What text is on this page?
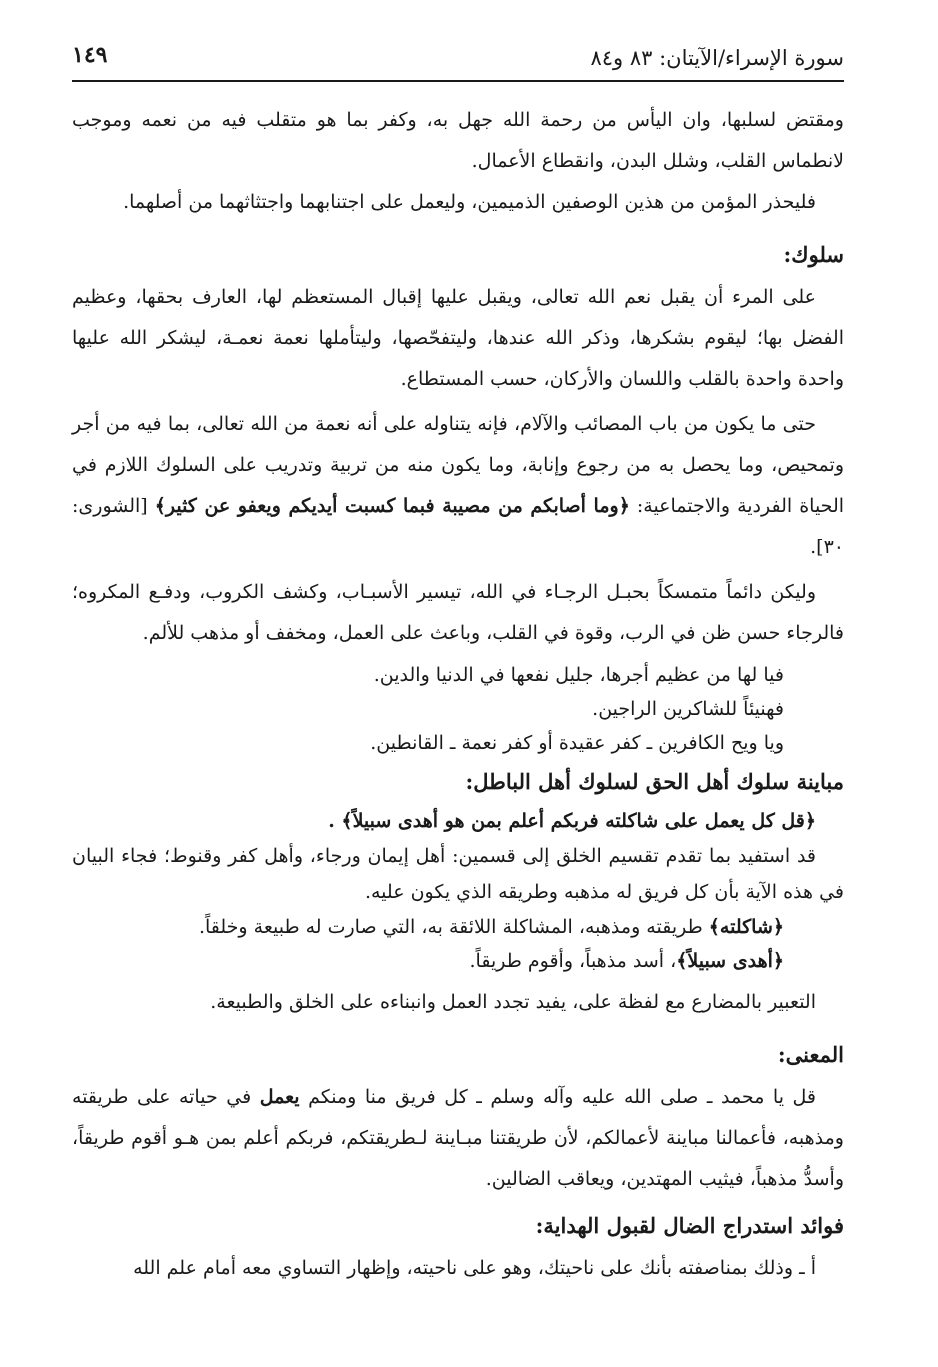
سورة الإسراء/الآيتان: ٨٣ و٨٤
١٤٩

ومقتض لسلبها، وان اليأس من رحمة الله جهل به، وكفر بما هو متقلب فيه من نعمه وموجب لانطماس القلب، وشلل البدن، وانقطاع الأعمال.

فليحذر المؤمن من هذين الوصفين الذميمين، وليعمل على اجتنابهما واجتثاثهما من أصلهما.

سلوك:

على المرء أن يقبل نعم الله تعالى، ويقبل عليها إقبال المستعظم لها، العارف بحقها، وعظيم الفضل بها؛ ليقوم بشكرها، وذكر الله عندها، وليتفحّصها، وليتأملها نعمة نعمـة، ليشكر الله عليها واحدة واحدة بالقلب واللسان والأركان، حسب المستطاع.

حتى ما يكون من باب المصائب والآلام، فإنه يتناوله على أنه نعمة من الله تعالى، بما فيه من أجر وتمحيص، وما يحصل به من رجوع وإنابة، وما يكون منه من تربية وتدريب على السلوك اللازم في الحياة الفردية والاجتماعية: ﴿وما أصابكم من مصيبة فبما كسبت أيديكم ويعفو عن كثير﴾ [الشورى: ٣٠].

وليكن دائماً متمسكاً بحبـل الرجـاء في الله، تيسير الأسبـاب، وكشف الكروب، ودفـع المكروه؛ فالرجاء حسن ظن في الرب، وقوة في القلب، وباعث على العمل، ومخفف أو مذهب للألم.

فيا لها من عظيم أجرها، جليل نفعها في الدنيا والدين.

فهنيئاً للشاكرين الراجين.

ويا ويح الكافرين ـ كفر عقيدة أو كفر نعمة ـ القانطين.

مباينة سلوك أهل الحق لسلوك أهل الباطل:

﴿قل كل يعمل على شاكلته فربكم أعلم بمن هو أهدى سبيلاً﴾ .

قد استفيد بما تقدم تقسيم الخلق إلى قسمين: أهل إيمان ورجاء، وأهل كفر وقنوط؛ فجاء البيان في هذه الآية بأن كل فريق له مذهبه وطريقه الذي يكون عليه.

﴿شاكلته﴾ طريقته ومذهبه، المشاكلة اللائقة به، التي صارت له طبيعة وخلقاً.

﴿أهدى سبيلاً﴾، أسد مذهباً، وأقوم طريقاً.

التعبير بالمضارع مع لفظة على، يفيد تجدد العمل وانبناءه على الخلق والطبيعة.

المعنى:

قل يا محمد ـ صلى الله عليه وآله وسلم ـ كل فريق منا ومنكم يعمل في حياته على طريقته ومذهبه، فأعمالنا مباينة لأعمالكم، لأن طريقتنا مبـاينة لـطريقتكم، فربكم أعلم بمن هـو أقوم طريقاً، وأسدُّ مذهباً، فيثيب المهتدين، ويعاقب الضالين.

فوائد استدراج الضال لقبول الهداية:

أ ـ وذلك بمناصفته بأنك على ناحيتك، وهو على ناحيته، وإظهار التساوي معه أمام علم الله
